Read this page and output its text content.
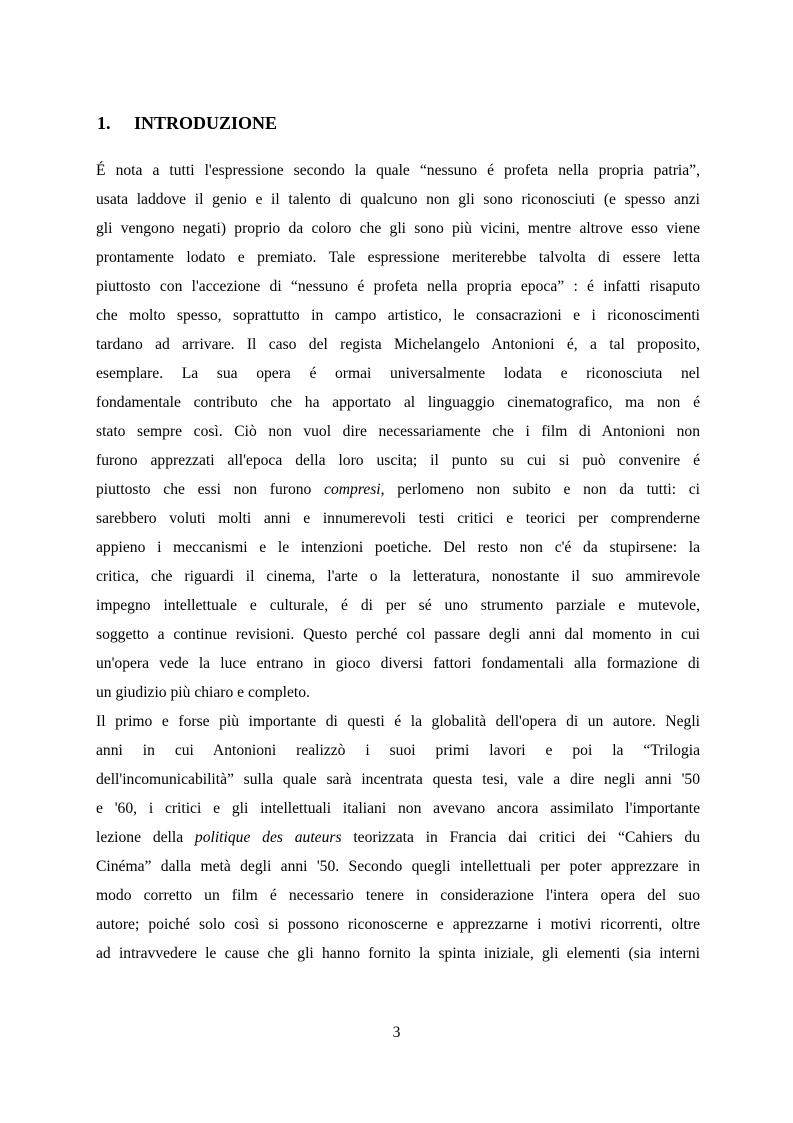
1. INTRODUZIONE
É nota a tutti l'espressione secondo la quale “nessuno é profeta nella propria patria”,
usata laddove il genio e il talento di qualcuno non gli sono riconosciuti (e spesso anzi
gli vengono negati) proprio da coloro che gli sono più vicini, mentre altrove esso viene
prontamente lodato e premiato. Tale espressione meriterebbe talvolta di essere letta
piuttosto con l'accezione di “nessuno é profeta nella propria epoca” : é infatti risaputo
che molto spesso, soprattutto in campo artistico, le consacrazioni e i riconoscimenti
tardano ad arrivare. Il caso del regista Michelangelo Antonioni é, a tal proposito,
esemplare. La sua opera é ormai universalmente lodata e riconosciuta nel
fondamentale contributo che ha apportato al linguaggio cinematografico, ma non é
stato sempre così. Ciò non vuol dire necessariamente che i film di Antonioni non
furono apprezzati all'epoca della loro uscita; il punto su cui si può convenire é
piuttosto che essi non furono compresi, perlomeno non subito e non da tutti: ci
sarebbero voluti molti anni e innumerevoli testi critici e teorici per comprenderne
appieno i meccanismi e le intenzioni poetiche. Del resto non c'é da stupirsene: la
critica, che riguardi il cinema, l'arte o la letteratura, nonostante il suo ammirevole
impegno intellettuale e culturale, é di per sé uno strumento parziale e mutevole,
soggetto a continue revisioni. Questo perché col passare degli anni dal momento in cui
un'opera vede la luce entrano in gioco diversi fattori fondamentali alla formazione di
un giudizio più chiaro e completo.
Il primo e forse più importante di questi é la globalità dell'opera di un autore. Negli
anni in cui Antonioni realizzò i suoi primi lavori e poi la “Trilogia
dell'incomunicabilità” sulla quale sarà incentrata questa tesi, vale a dire negli anni '50
e '60, i critici e gli intellettuali italiani non avevano ancora assimilato l'importante
lezione della politique des auteurs teorizzata in Francia dai critici dei “Cahiers du
Cinéma” dalla metà degli anni '50. Secondo quegli intellettuali per poter apprezzare in
modo corretto un film é necessario tenere in considerazione l'intera opera del suo
autore; poiché solo così si possono riconoscerne e apprezzarne i motivi ricorrenti, oltre
ad intravvedere le cause che gli hanno fornito la spinta iniziale, gli elementi (sia interni
3
